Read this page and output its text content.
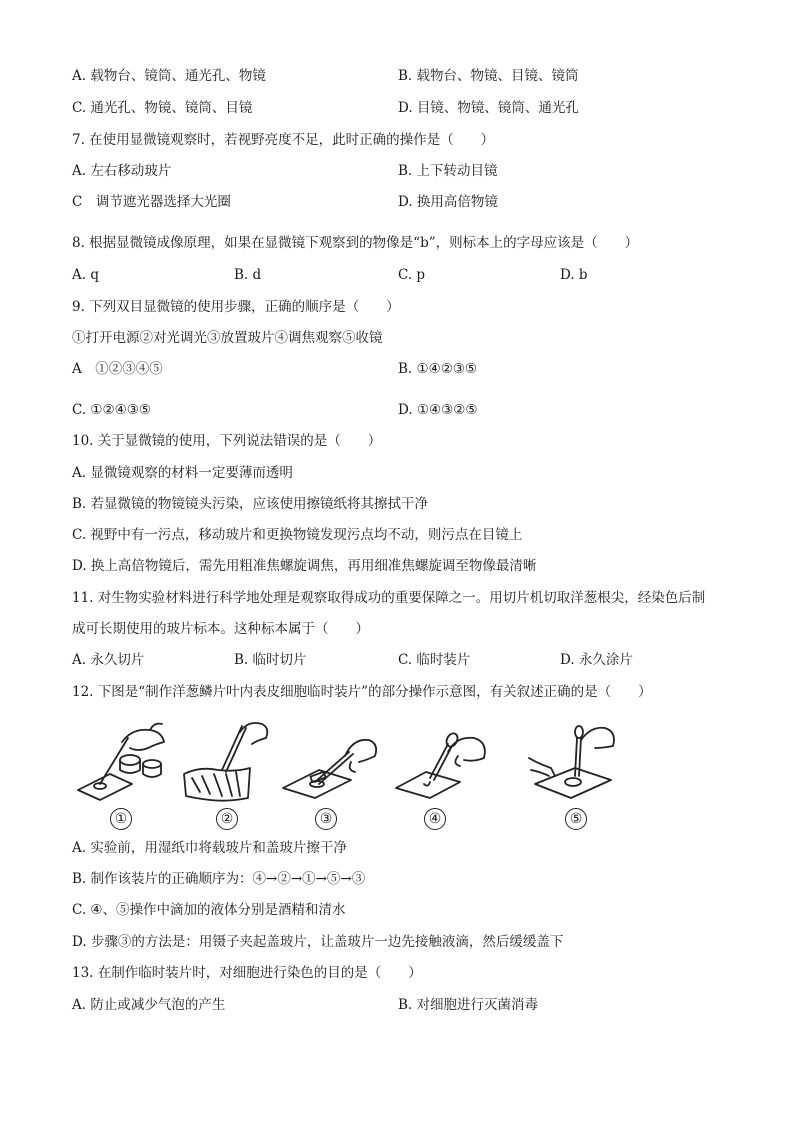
A. 载物台、镜筒、通光孔、物镜	B. 载物台、物镜、目镜、镜筒
C. 通光孔、物镜、镜筒、目镜	D. 目镜、物镜、镜筒、通光孔
7. 在使用显微镜观察时，若视野亮度不足，此时正确的操作是（　　）
A. 左右移动玻片	B. 上下转动目镜
C　调节遮光器选择大光圈	D. 换用高倍物镜
8. 根据显微镜成像原理，如果在显微镜下观察到的物像是“b”，则标本上的字母应该是（　　）
A. q	B. d	C. p	D. b
9. 下列双目显微镜的使用步骤，正确的顺序是（　　）
①打开电源②对光调光③放置玻片④调焦观察⑤收镜
A　①②③④⑤	B. ①④②③⑤
C. ①②④③⑤	D. ①④③②⑤
10. 关于显微镜的使用，下列说法错误的是（　　）
A. 显微镜观察的材料一定要薄而透明
B. 若显微镜的物镜镜头污染，应该使用擦镜纸将其擦拭干净
C. 视野中有一污点，移动玻片和更换物镜发现污点均不动，则污点在目镜上
D. 换上高倍物镜后，需先用粗准焦螺旋调焦，再用细准焦螺旋调至物像最清晰
11. 对生物实验材料进行科学地处理是观察取得成功的重要保障之一。用切片机切取洋葱根尖，经染色后制
成可长期使用的玻片标本。这种标本属于（　　）
A. 永久切片	B. 临时切片	C. 临时装片	D. 永久涂片
12. 下图是“制作洋葱鳞片叶内表皮细胞临时装片”的部分操作示意图，有关叙述正确的是（　　）
①	②	③	④	⑤
A. 实验前，用湿纸巾将载玻片和盖玻片擦干净
B. 制作该装片的正确顺序为：④→②→①→⑤→③
C. ④、⑤操作中滴加的液体分别是酒精和清水
D. 步骤③的方法是：用镊子夹起盖玻片，让盖玻片一边先接触液滴，然后缓缓盖下
13. 在制作临时装片时，对细胞进行染色的目的是（　　）
A. 防止或减少气泡的产生	B. 对细胞进行灭菌消毒
